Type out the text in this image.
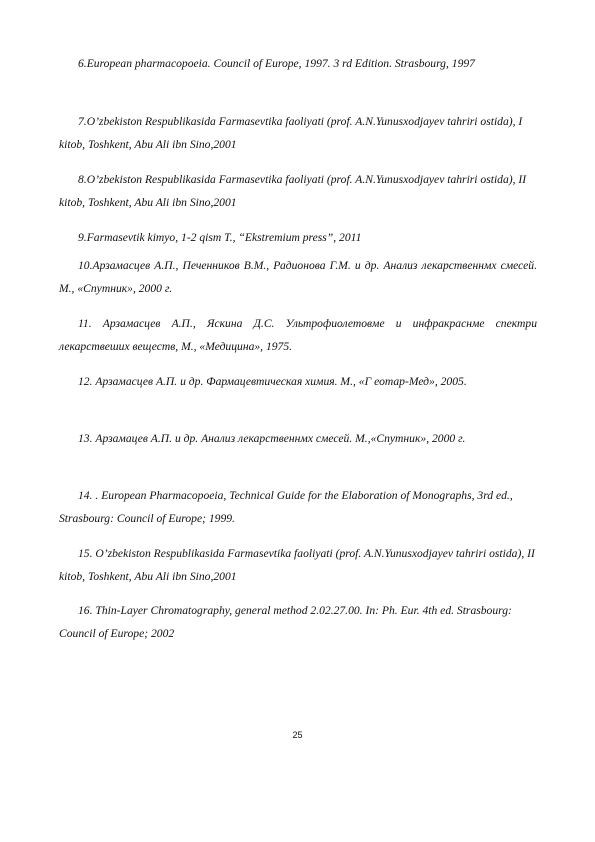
6.European pharmacopoeia. Council of Europe, 1997. 3 rd Edition. Strasbourg, 1997

7.O’zbekiston Respublikasida Farmasevtika faoliyati (prof. A.N.Yunusxodjayev tahriri ostida), I kitob, Toshkent, Abu Ali ibn Sino,2001

8.O’zbekiston Respublikasida Farmasevtika faoliyati (prof. A.N.Yunusxodjayev tahriri ostida), II kitob, Toshkent, Abu Ali ibn Sino,2001

9.Farmasevtik kimyo, 1-2 qism T., “Ekstremium press”, 2011

10.Арзамасцев А.П., Печенников В.М., Радионова Г.М. и др. Анализ лекарственнмх смесей. М., «Спутник», 2000 г.

11. Арзамасцев А.П., Яскина Д.С. Ультрофиолетовме и инфракраснме спектри лекарствеших веществ, М., «Медицина», 1975.

12. Арзамасцев А.П. и др. Фармацевтическая химия. М., «Г еотар-Мед», 2005.

13. Арзамацев А.П. и др. Анализ лекарственнмх смесей. М.,«Спутник», 2000 г.

14. . European Pharmacopoeia, Technical Guide for the Elaboration of Monographs, 3rd ed., Strasbourg: Council of Europe; 1999.

15. O’zbekiston Respublikasida Farmasevtika faoliyati (prof. A.N.Yunusxodjayev tahriri ostida), II kitob, Toshkent, Abu Ali ibn Sino,2001

16. Thin-Layer Chromatography, general method 2.02.27.00. In: Ph. Eur. 4th ed. Strasbourg: Council of Europe; 2002

25
